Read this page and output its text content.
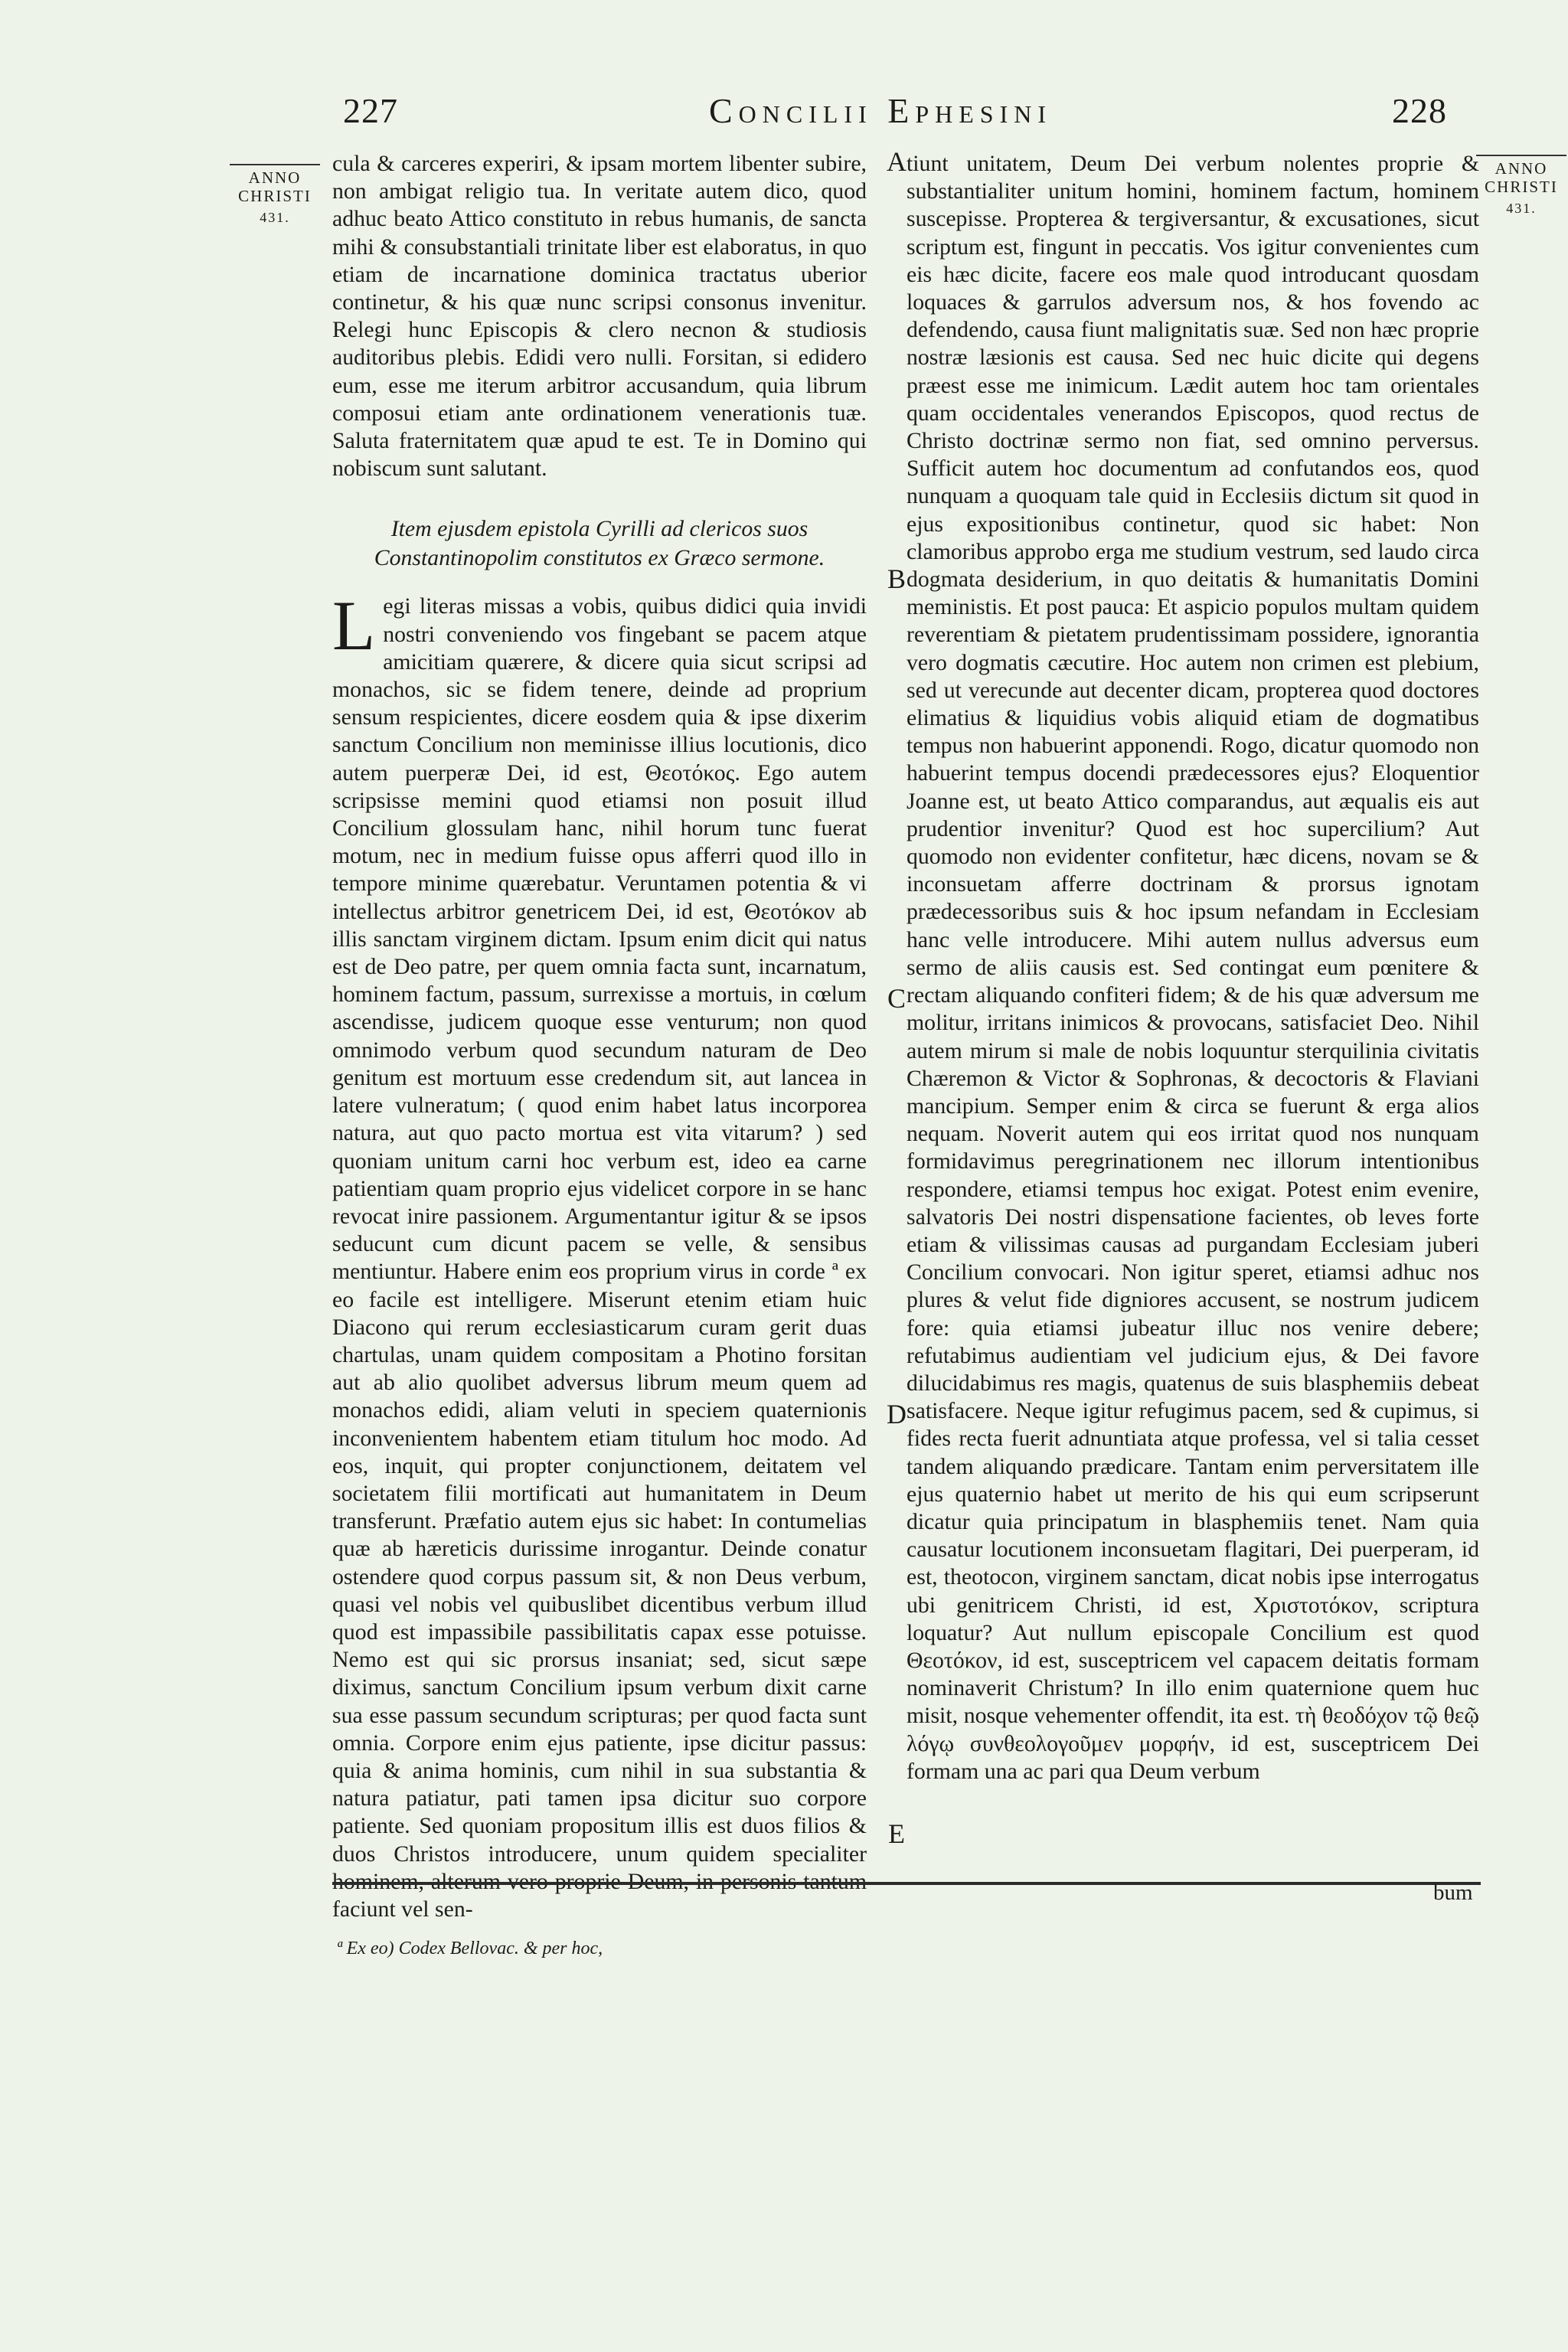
227	Concilii Ephesini	228
ANNO CHRISTI
431.
ANNO CHRISTI
431.
A
B
C
D
E

cula & carceres experiri, & ipsam mortem libenter subire, non ambigat religio tua. In veritate autem dico, quod adhuc beato Attico constituto in rebus humanis, de sancta mihi & consubstantiali trinitate liber est elaboratus, in quo etiam de incarnatione dominica tractatus uberior continetur, & his quæ nunc scripsi consonus invenitur. Relegi hunc Episcopis & clero necnon & studiosis auditoribus plebis. Edidi vero nulli. Forsitan, si edidero eum, esse me iterum arbitror accusandum, quia librum composui etiam ante ordinationem venerationis tuæ. Saluta fraternitatem quæ apud te est. Te in Domino qui nobiscum sunt salutant.

Item ejusdem epistola Cyrilli ad clericos suos Constantinopolim constitutos ex Græco sermone.

Legi literas missas a vobis, quibus didici quia invidi nostri conveniendo vos fingebant se pacem atque amicitiam quærere, & dicere quia sicut scripsi ad monachos, sic se fidem tenere, deinde ad proprium sensum respicientes, dicere eosdem quia & ipse dixerim sanctum Concilium non meminisse illius locutionis, dico autem puerperæ Dei, id est, Θεοτόκος. Ego autem scripsisse memini quod etiamsi non posuit illud Concilium glossulam hanc, nihil horum tunc fuerat motum, nec in medium fuisse opus afferri quod illo in tempore minime quærebatur. Veruntamen potentia & vi intellectus arbitror genetricem Dei, id est, Θεοτόκον ab illis sanctam virginem dictam. Ipsum enim dicit qui natus est de Deo patre, per quem omnia facta sunt, incarnatum, hominem factum, passum, surrexisse a mortuis, in cœlum ascendisse, judicem quoque esse venturum; non quod omnimodo verbum quod secundum naturam de Deo genitum est mortuum esse credendum sit, aut lancea in latere vulneratum; ( quod enim habet latus incorporea natura, aut quo pacto mortua est vita vitarum? ) sed quoniam unitum carni hoc verbum est, ideo ea carne patientiam quam proprio ejus videlicet corpore in se hanc revocat inire passionem. Argumentantur igitur & se ipsos seducunt cum dicunt pacem se velle, & sensibus mentiuntur. Habere enim eos proprium virus in corde ª ex eo facile est intelligere. Miserunt etenim etiam huic Diacono qui rerum ecclesiasticarum curam gerit duas chartulas, unam quidem compositam a Photino forsitan aut ab alio quolibet adversus librum meum quem ad monachos edidi, aliam veluti in speciem quaternionis inconvenientem habentem etiam titulum hoc modo. Ad eos, inquit, qui propter conjunctionem, deitatem vel societatem filii mortificati aut humanitatem in Deum transferunt. Præfatio autem ejus sic habet: In contumelias quæ ab hæreticis durissime inrogantur. Deinde conatur ostendere quod corpus passum sit, & non Deus verbum, quasi vel nobis vel quibuslibet dicentibus verbum illud quod est impassibile passibilitatis capax esse potuisse. Nemo est qui sic prorsus insaniat; sed, sicut sæpe diximus, sanctum Concilium ipsum verbum dixit carne sua esse passum secundum scripturas; per quod facta sunt omnia. Corpore enim ejus patiente, ipse dicitur passus: quia & anima hominis, cum nihil in sua substantia & natura patiatur, pati tamen ipsa dicitur suo corpore patiente. Sed quoniam propositum illis est duos filios & duos Christos introducere, unum quidem specialiter hominem, alterum vero proprie Deum, in personis tantum faciunt vel sen-

tiunt unitatem, Deum Dei verbum nolentes proprie & substantialiter unitum homini, hominem factum, hominem suscepisse. Propterea & tergiversantur, & excusationes, sicut scriptum est, fingunt in peccatis. Vos igitur convenientes cum eis hæc dicite, facere eos male quod introducant quosdam loquaces & garrulos adversum nos, & hos fovendo ac defendendo, causa fiunt malignitatis suæ. Sed non hæc proprie nostræ læsionis est causa. Sed nec huic dicite qui degens præest esse me inimicum. Lædit autem hoc tam orientales quam occidentales venerandos Episcopos, quod rectus de Christo doctrinæ sermo non fiat, sed omnino perversus. Sufficit autem hoc documentum ad confutandos eos, quod nunquam a quoquam tale quid in Ecclesiis dictum sit quod in ejus expositionibus continetur, quod sic habet: Non clamoribus approbo erga me studium vestrum, sed laudo circa dogmata desiderium, in quo deitatis & humanitatis Domini meministis. Et post pauca: Et aspicio populos multam quidem reverentiam & pietatem prudentissimam possidere, ignorantia vero dogmatis cæcutire. Hoc autem non crimen est plebium, sed ut verecunde aut decenter dicam, propterea quod doctores elimatius & liquidius vobis aliquid etiam de dogmatibus tempus non habuerint apponendi. Rogo, dicatur quomodo non habuerint tempus docendi prædecessores ejus? Eloquentior Joanne est, ut beato Attico comparandus, aut æqualis eis aut prudentior invenitur? Quod est hoc supercilium? Aut quomodo non evidenter confitetur, hæc dicens, novam se & inconsuetam afferre doctrinam & prorsus ignotam prædecessoribus suis & hoc ipsum nefandam in Ecclesiam hanc velle introducere. Mihi autem nullus adversus eum sermo de aliis causis est. Sed contingat eum pœnitere & rectam aliquando confiteri fidem; & de his quæ adversum me molitur, irritans inimicos & provocans, satisfaciet Deo. Nihil autem mirum si male de nobis loquuntur sterquilinia civitatis Chæremon & Victor & Sophronas, & decoctoris & Flaviani mancipium. Semper enim & circa se fuerunt & erga alios nequam. Noverit autem qui eos irritat quod nos nunquam formidavimus peregrinationem nec illorum intentionibus respondere, etiamsi tempus hoc exigat. Potest enim evenire, salvatoris Dei nostri dispensatione facientes, ob leves forte etiam & vilissimas causas ad purgandam Ecclesiam juberi Concilium convocari. Non igitur speret, etiamsi adhuc nos plures & velut fide digniores accusent, se nostrum judicem fore: quia etiamsi jubeatur illuc nos venire debere; refutabimus audientiam vel judicium ejus, & Dei favore dilucidabimus res magis, quatenus de suis blasphemiis debeat satisfacere. Neque igitur refugimus pacem, sed & cupimus, si fides recta fuerit adnuntiata atque professa, vel si talia cesset tandem aliquando prædicare. Tantam enim perversitatem ille ejus quaternio habet ut merito de his qui eum scripserunt dicatur quia principatum in blasphemiis tenet. Nam quia causatur locutionem inconsuetam flagitari, Dei puerperam, id est, theotocon, virginem sanctam, dicat nobis ipse interrogatus ubi genitricem Christi, id est, Χριστοτόκον, scriptura loquatur? Aut nullum episcopale Concilium est quod Θεοτόκον, id est, susceptricem vel capacem deitatis formam nominaverit Christum? In illo enim quaternione quem huc misit, nosque vehementer offendit, ita est. τὴ θεοδόχον τῷ θεῷ λόγῳ συνθεολογοῦμεν μορφήν, id est, susceptricem Dei formam una ac pari qua Deum verbum

bum
ª Ex eo) Codex Bellovac. & per hoc,
